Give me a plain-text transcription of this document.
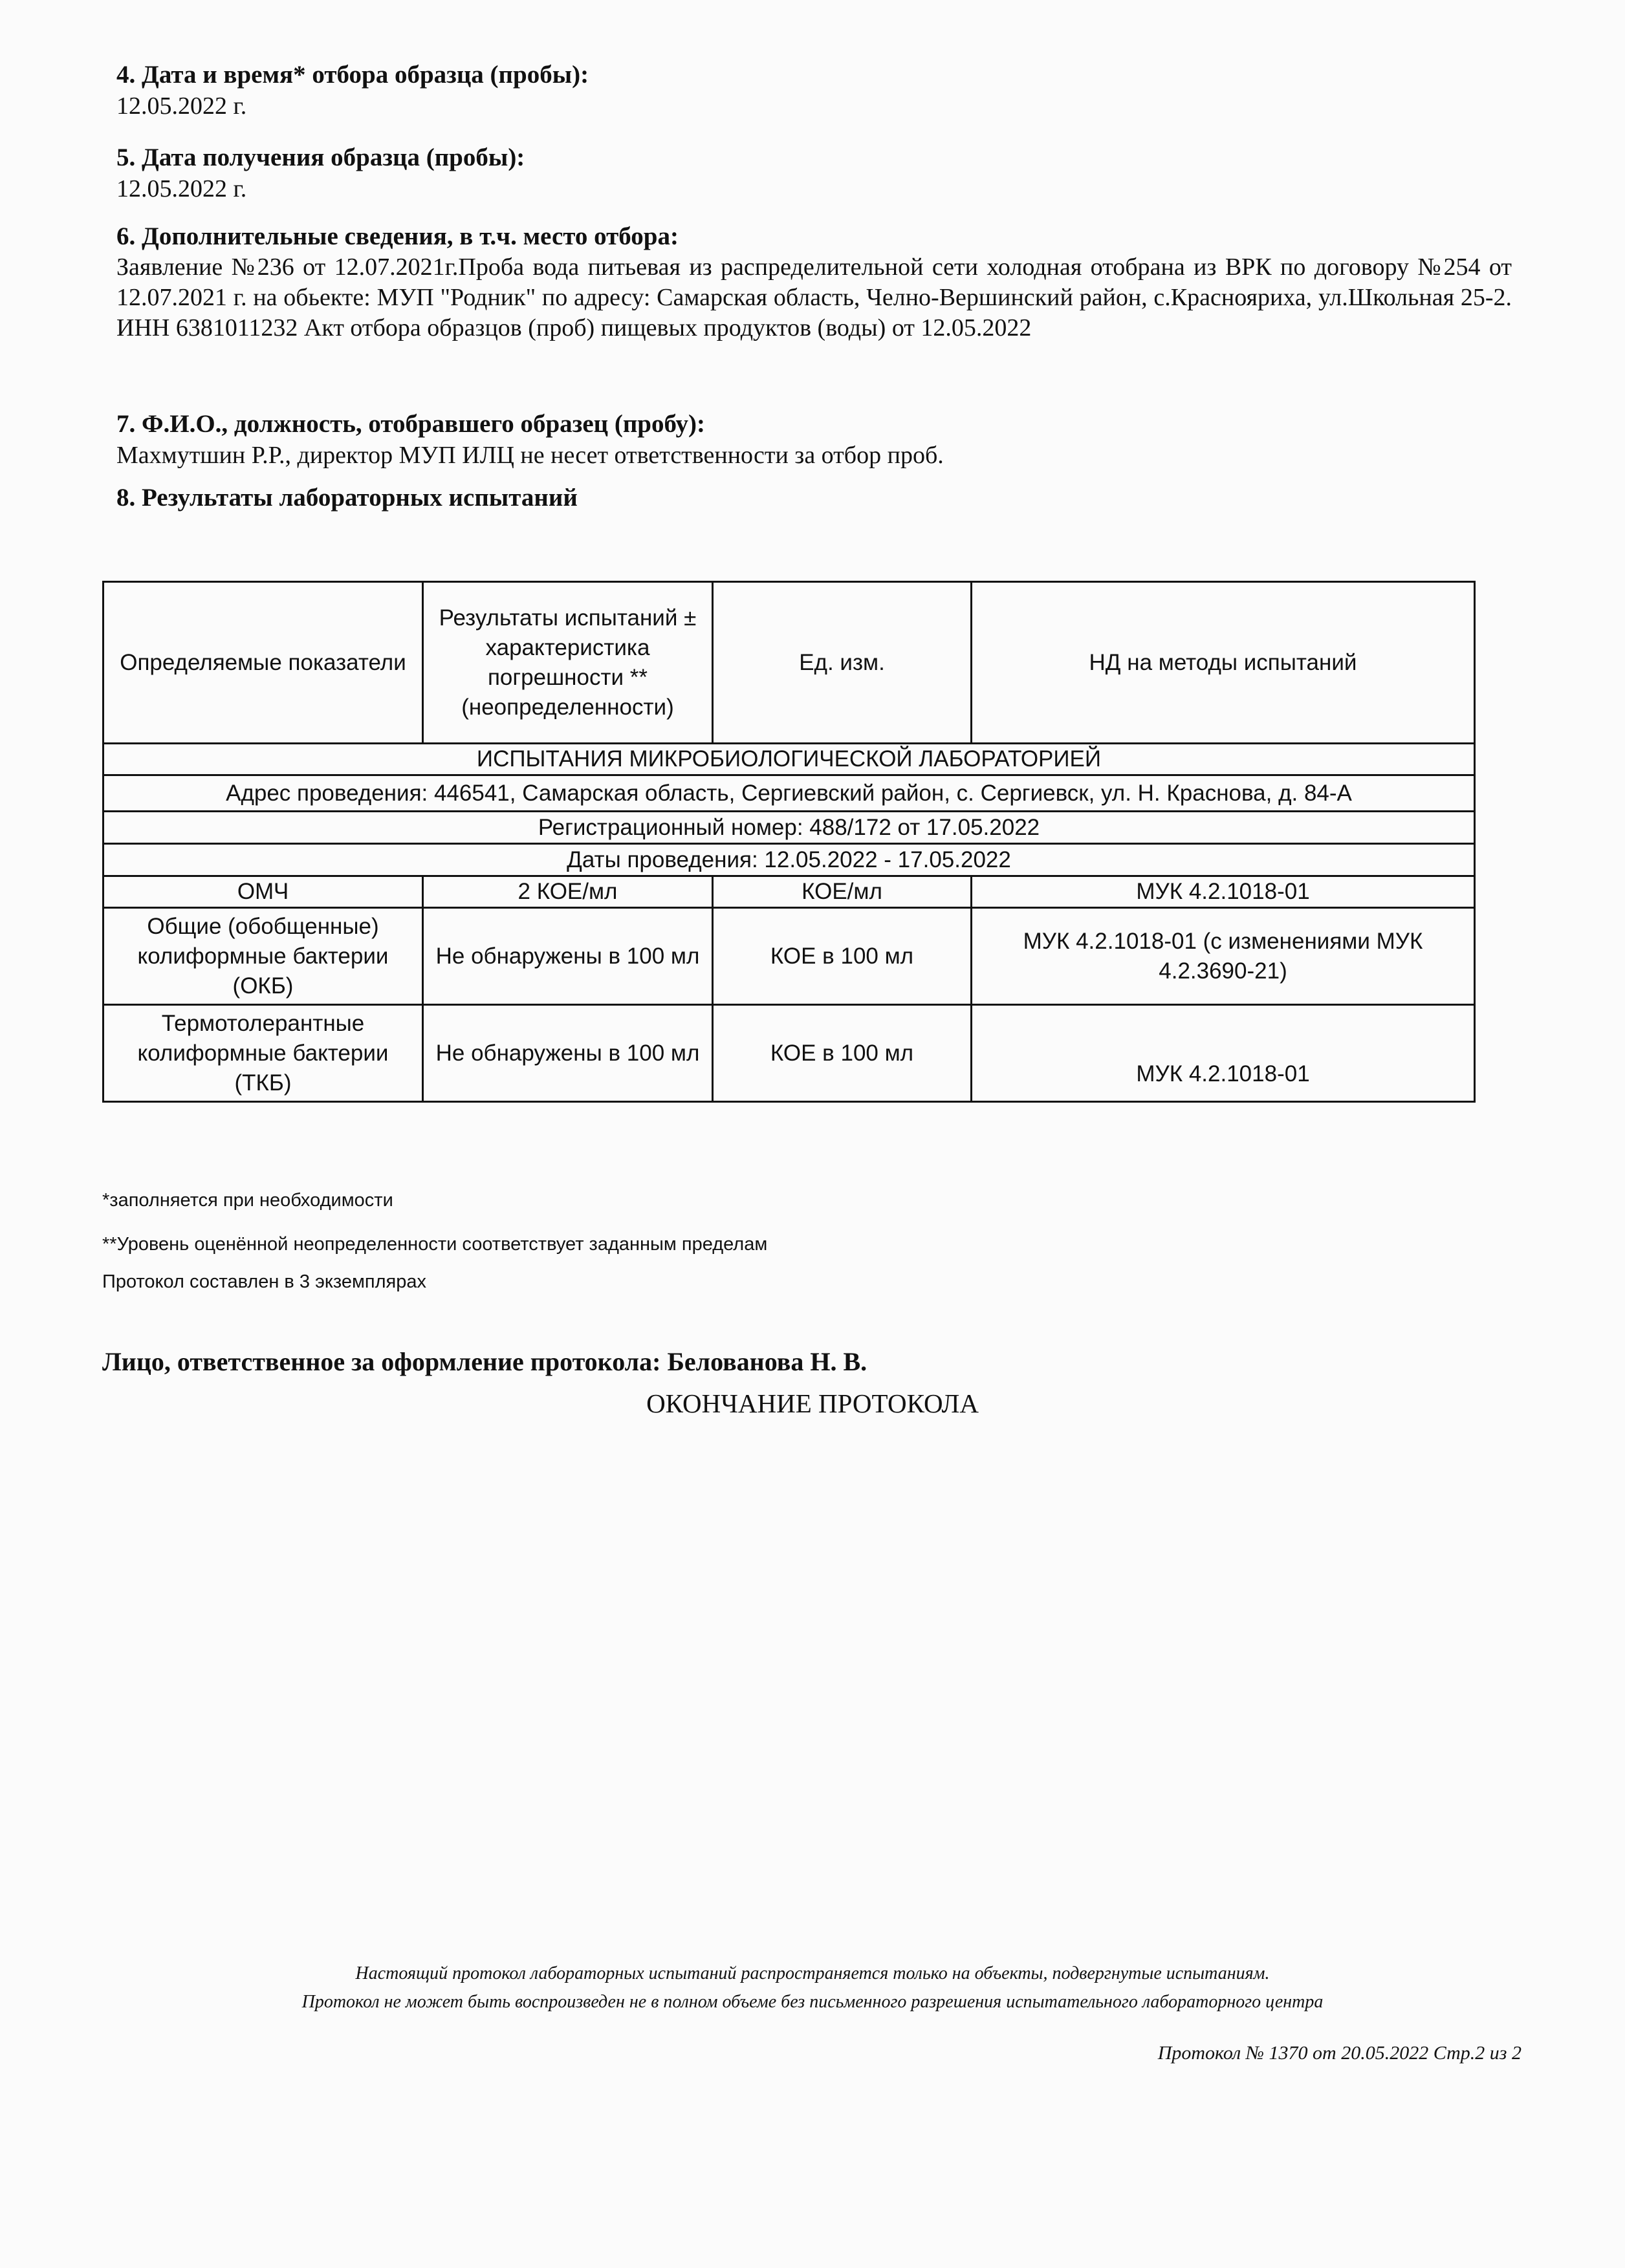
4. Дата и время* отбора образца (пробы):
12.05.2022 г.
5. Дата получения образца (пробы):
12.05.2022 г.
6. Дополнительные сведения, в т.ч. место отбора:
Заявление №236 от 12.07.2021г.Проба вода питьевая из распределительной сети холодная отобрана из ВРК по договору №254 от 12.07.2021 г. на обьекте: МУП "Родник" по адресу: Самарская область, Челно-Вершинский район, с.Краснояриха, ул.Школьная 25-2. ИНН 6381011232 Акт отбора образцов (проб) пищевых продуктов (воды) от 12.05.2022
7. Ф.И.О., должность, отобравшего образец (пробу):
Махмутшин Р.Р., директор МУП ИЛЦ не несет ответственности за отбор проб.
8. Результаты лабораторных испытаний
Определяемые показатели	Результаты испытаний ± характеристика погрешности **(неопределенности)	Ед. изм.	НД на методы испытаний
ИСПЫТАНИЯ МИКРОБИОЛОГИЧЕСКОЙ ЛАБОРАТОРИЕЙ			
Адрес проведения: 446541, Самарская область, Сергиевский район, с. Сергиевск, ул. Н. Краснова, д. 84-А			
Регистрационный номер: 488/172 от 17.05.2022			
Даты проведения: 12.05.2022 - 17.05.2022			
ОМЧ	2 КОЕ/мл	КОЕ/мл	МУК 4.2.1018-01
Общие (обобщенные) колиформные бактерии (ОКБ)	Не обнаружены в 100 мл	КОЕ в 100 мл	МУК 4.2.1018-01 (с изменениями МУК 4.2.3690-21)
Термотолерантные колиформные бактерии (ТКБ)	Не обнаружены в 100 мл	КОЕ в 100 мл	МУК 4.2.1018-01
*заполняется при необходимости
**Уровень оценённой неопределенности соответствует заданным пределам
Протокол составлен в 3 экземплярах
Лицо, ответственное за оформление протокола: Белованова Н. В.
ОКОНЧАНИЕ ПРОТОКОЛА
Настоящий протокол лабораторных испытаний распространяется только на объекты, подвергнутые испытаниям.
Протокол не может быть воспроизведен не в полном объеме без письменного разрешения испытательного лабораторного центра
Протокол № 1370 от 20.05.2022 Стр.2 из 2
